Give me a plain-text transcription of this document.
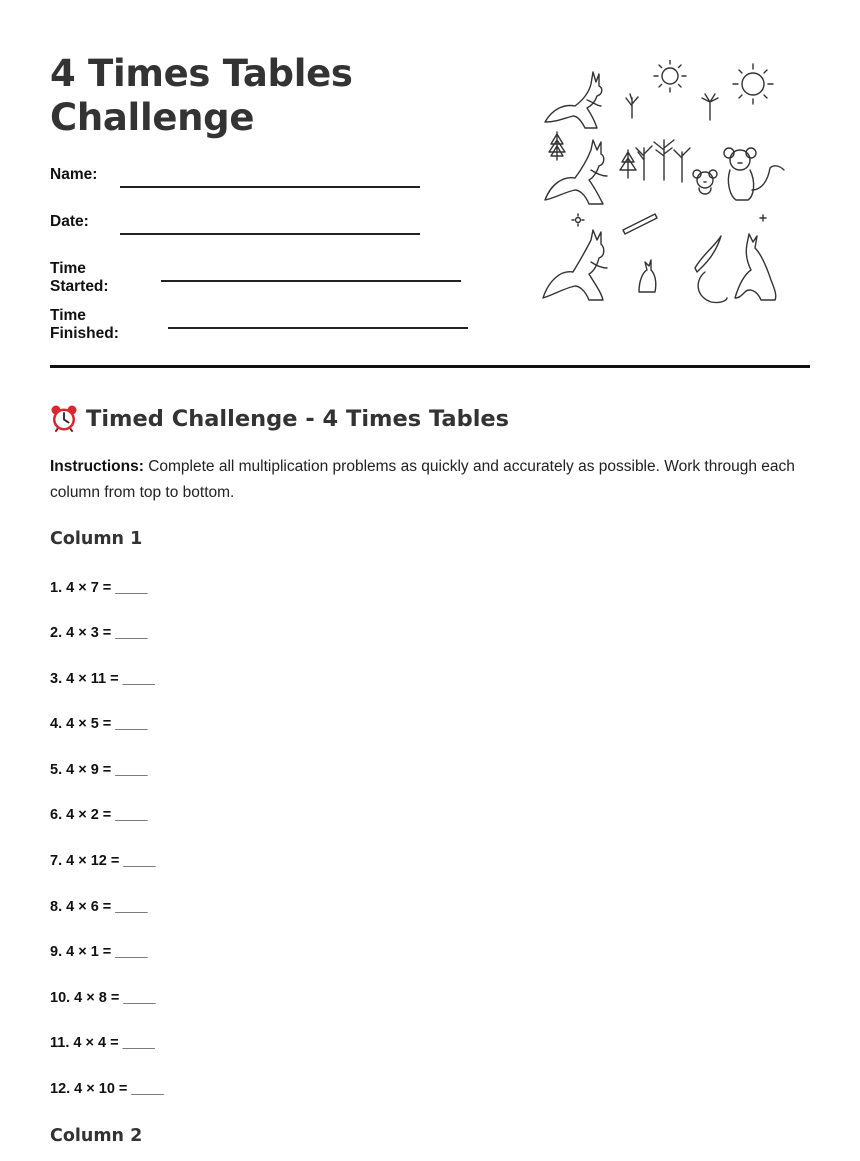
4 Times Tables
Challenge
Name:
Date:
Time Started:
Time Finished:
Timed Challenge - 4 Times Tables

Instructions: Complete all multiplication problems as quickly and accurately as possible. Work through each column from top to bottom.

Column 1
1. 4 × 7 = ____
2. 4 × 3 = ____
3. 4 × 11 = ____
4. 4 × 5 = ____
5. 4 × 9 = ____
6. 4 × 2 = ____
7. 4 × 12 = ____
8. 4 × 6 = ____
9. 4 × 1 = ____
10. 4 × 8 = ____
11. 4 × 4 = ____
12. 4 × 10 = ____
Column 2
